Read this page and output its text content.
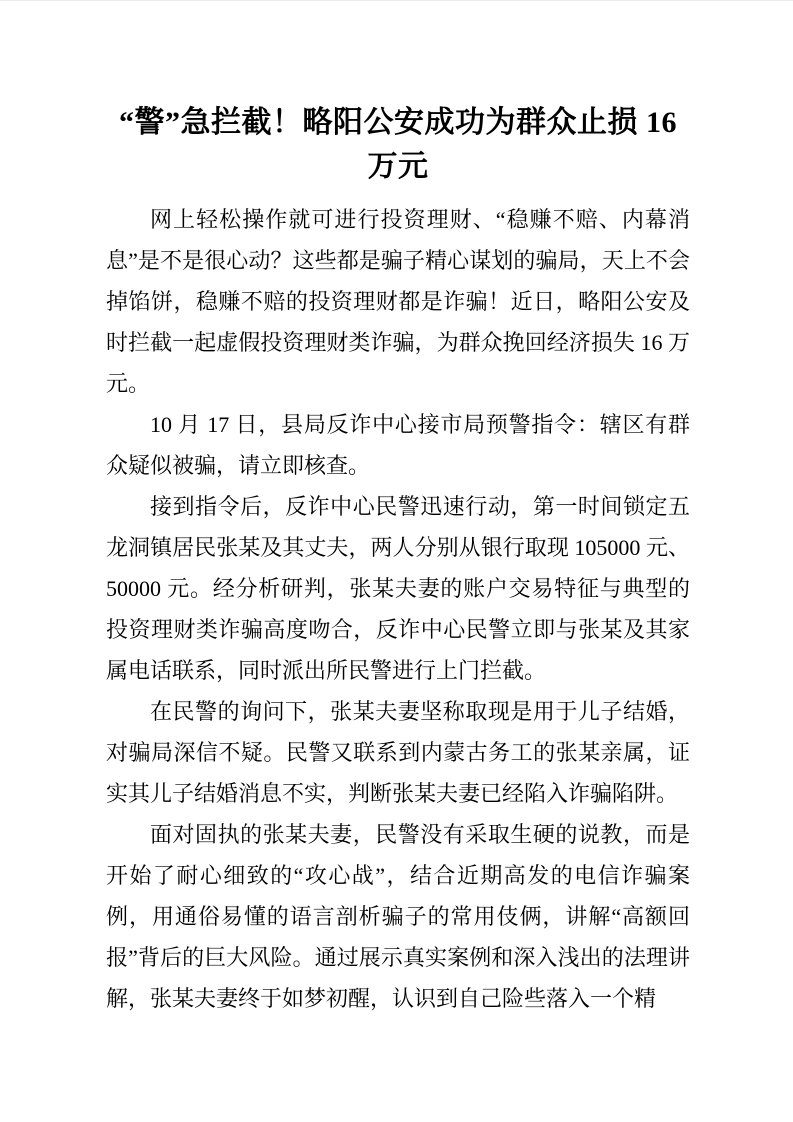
“警”急拦截！略阳公安成功为群众止损 16 万元

网上轻松操作就可进行投资理财、“稳赚不赔、内幕消息”是不是很心动？这些都是骗子精心谋划的骗局，天上不会掉馅饼，稳赚不赔的投资理财都是诈骗！近日，略阳公安及时拦截一起虚假投资理财类诈骗，为群众挽回经济损失 16 万元。

10 月 17 日，县局反诈中心接市局预警指令：辖区有群众疑似被骗，请立即核查。

接到指令后，反诈中心民警迅速行动，第一时间锁定五龙洞镇居民张某及其丈夫，两人分别从银行取现 105000 元、50000 元。经分析研判，张某夫妻的账户交易特征与典型的投资理财类诈骗高度吻合，反诈中心民警立即与张某及其家属电话联系，同时派出所民警进行上门拦截。

在民警的询问下，张某夫妻坚称取现是用于儿子结婚，对骗局深信不疑。民警又联系到内蒙古务工的张某亲属，证实其儿子结婚消息不实，判断张某夫妻已经陷入诈骗陷阱。

面对固执的张某夫妻，民警没有采取生硬的说教，而是开始了耐心细致的“攻心战”，结合近期高发的电信诈骗案例，用通俗易懂的语言剖析骗子的常用伎俩，讲解“高额回报”背后的巨大风险。通过展示真实案例和深入浅出的法理讲解，张某夫妻终于如梦初醒，认识到自己险些落入一个精
